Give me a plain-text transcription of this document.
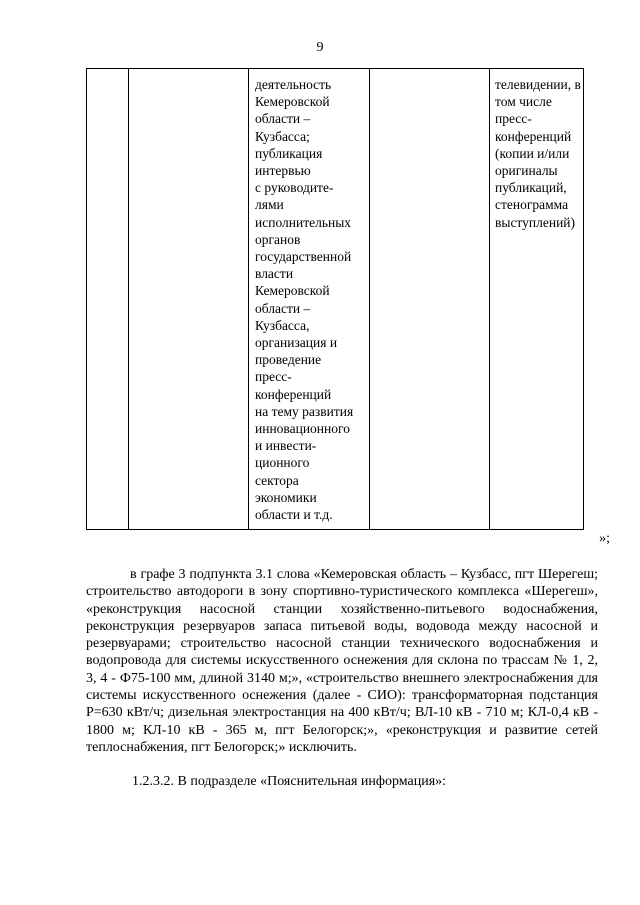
9

деятельность
Кемеровской
области –
Кузбасса;
публикация
интервью
с руководите-
лями
исполнительных
органов
государственной
власти
Кемеровской
области –
Кузбасса,
организация и
проведение
пресс-
конференций
на тему развития
инновационного
и инвести-
ционного
сектора
экономики
области и т.д.

телевидении, в
том числе пресс-
конференций
(копии и/или
оригиналы
публикаций,
стенограмма
выступлений)

»;

в графе 3 подпункта 3.1 слова «Кемеровская область – Кузбасс, пгт Шерегеш; строительство автодороги в зону спортивно-туристического комплекса «Шерегеш», «реконструкция насосной станции хозяйственно-питьевого водоснабжения, реконструкция резервуаров запаса питьевой воды, водовода между насосной и резервуарами; строительство насосной станции технического водоснабжения и водопровода для системы искусственного оснежения для склона по трассам № 1, 2, 3, 4 - Ф75-100 мм, длиной 3140 м;», «строительство внешнего электроснабжения для системы искусственного оснежения (далее - СИО): трансформаторная подстанция Р=630 кВт/ч; дизельная электростанция на 400 кВт/ч; ВЛ-10 кВ - 710 м; КЛ-0,4 кВ - 1800 м; КЛ-10 кВ - 365 м, пгт Белогорск;», «реконструкция и развитие сетей теплоснабжения, пгт Белогорск;» исключить.

1.2.3.2. В подразделе «Пояснительная информация»:
